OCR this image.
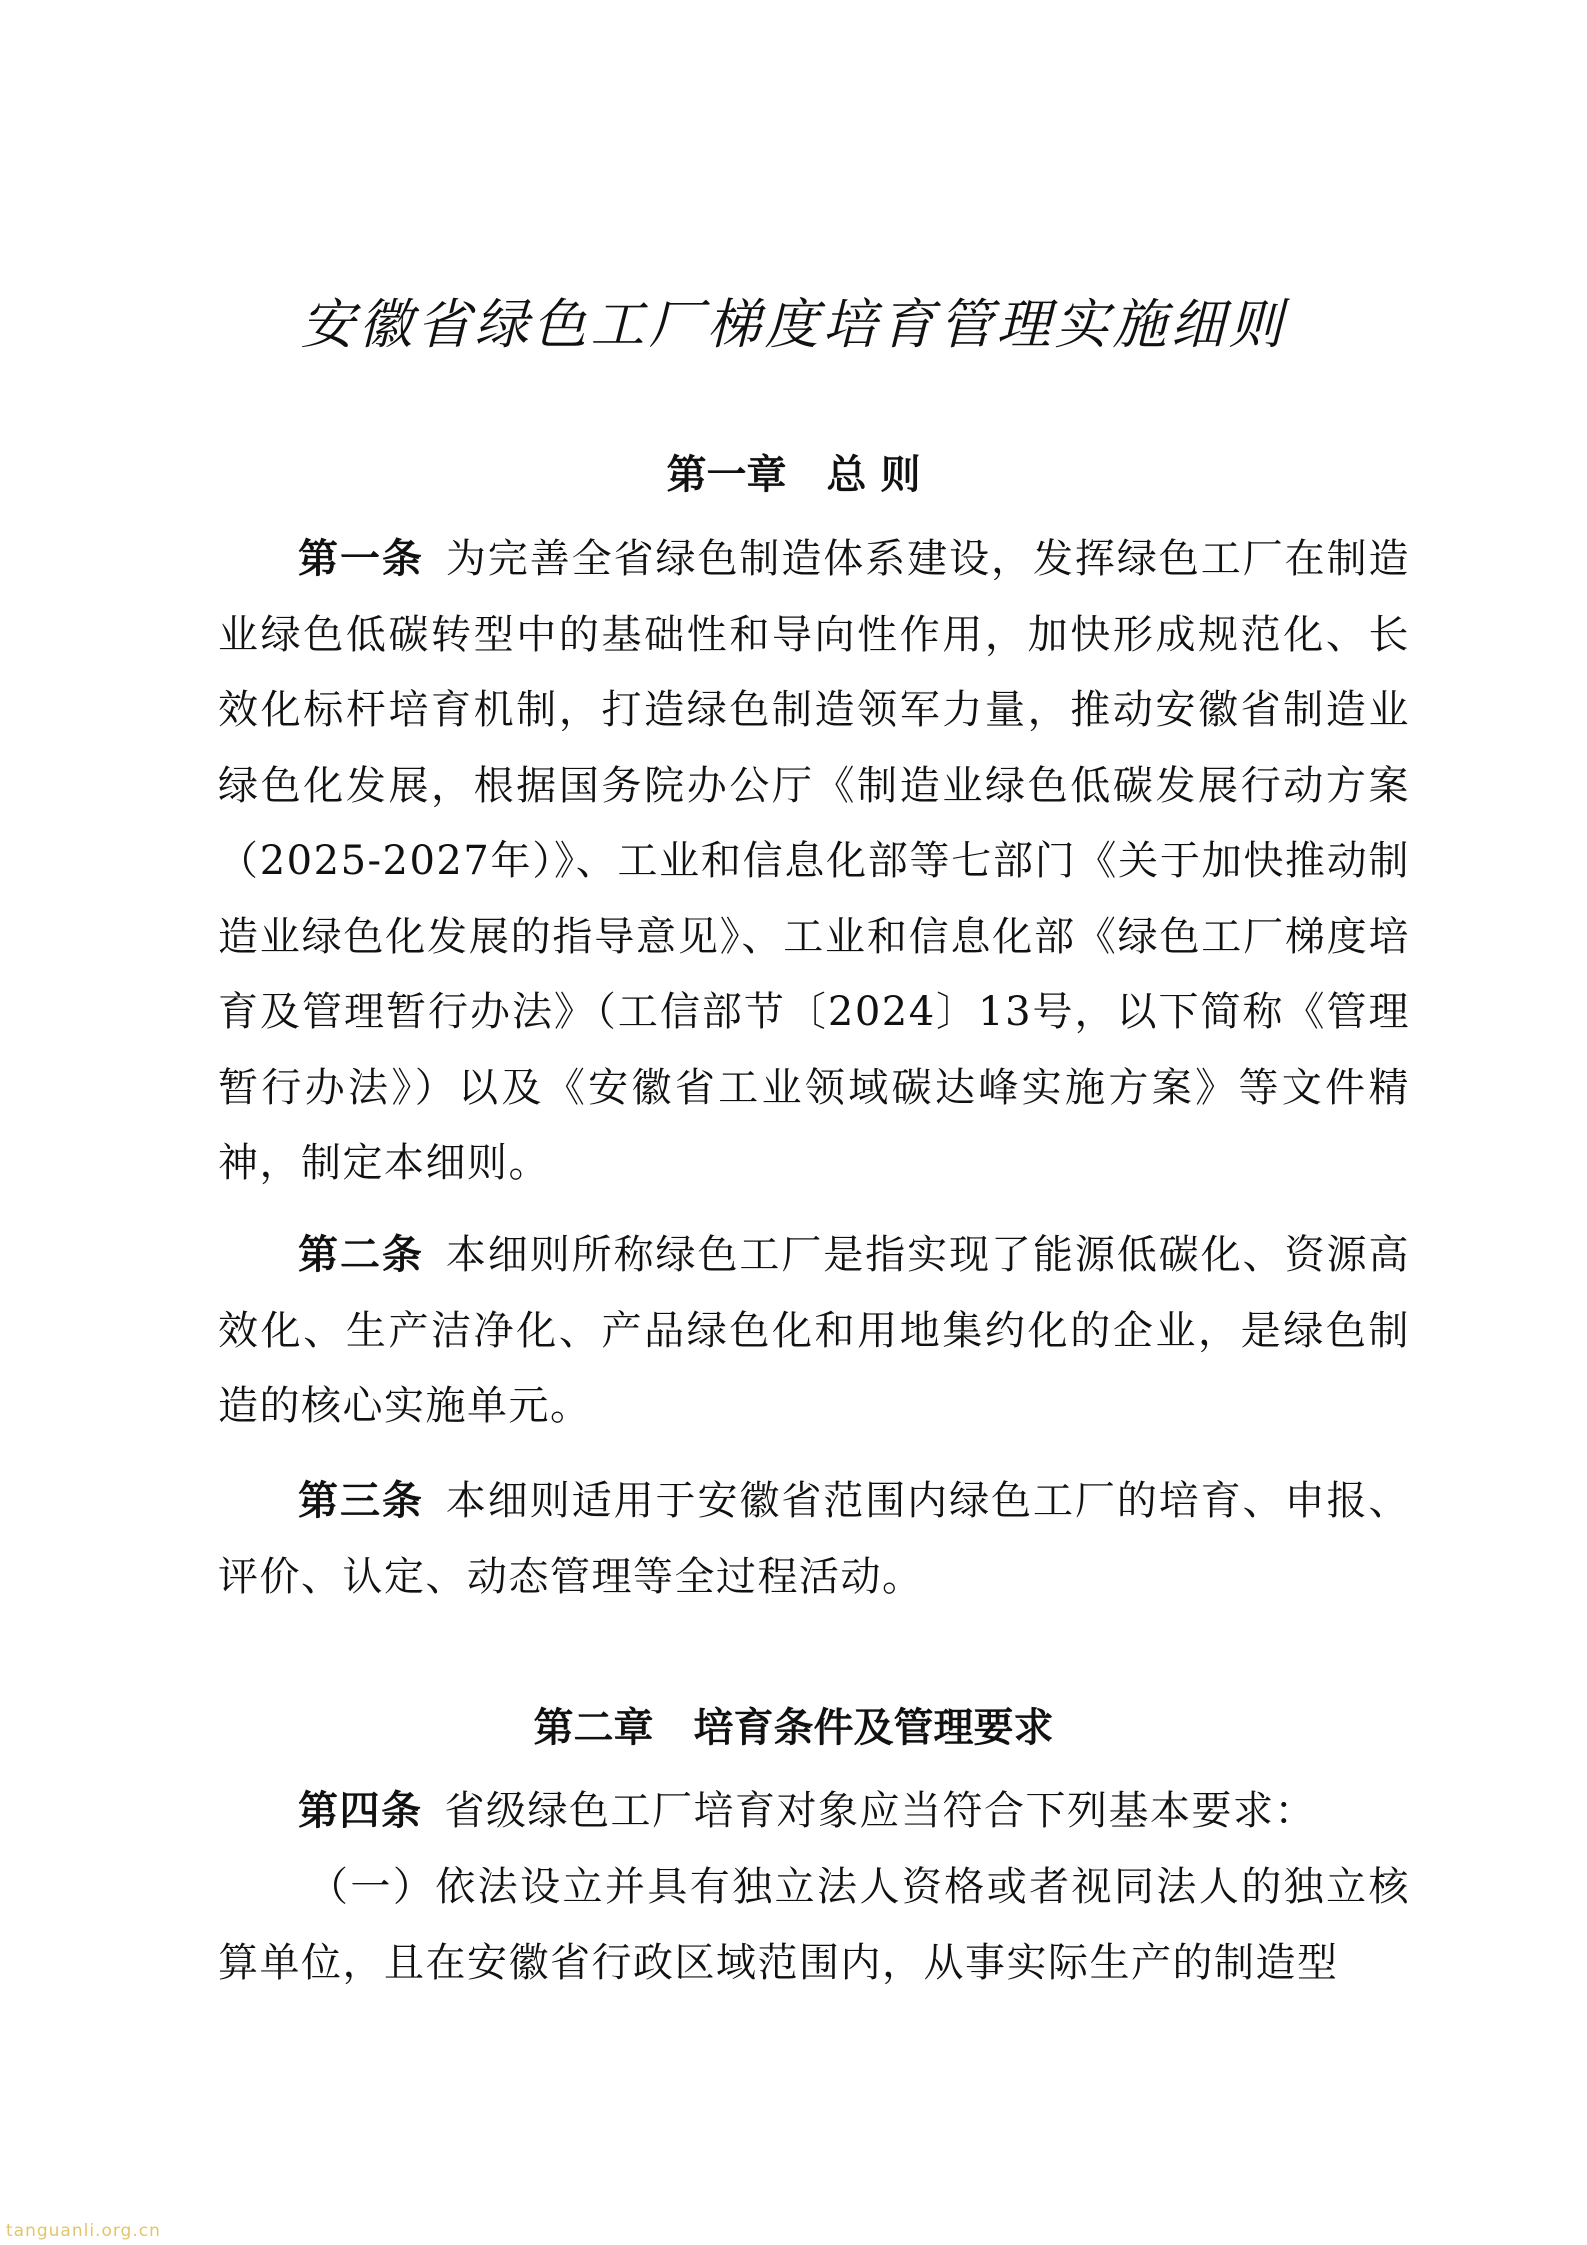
安徽省绿色工厂梯度培育管理实施细则
第一章 总 则

第一条 为完善全省绿色制造体系建设，发挥绿色工厂在制造业绿色低碳转型中的基础性和导向性作用，加快形成规范化、长效化标杆培育机制，打造绿色制造领军力量，推动安徽省制造业绿色化发展，根据国务院办公厅《制造业绿色低碳发展行动方案（2025-2027年）》、工业和信息化部等七部门《关于加快推动制造业绿色化发展的指导意见》、工业和信息化部《绿色工厂梯度培育及管理暂行办法》（工信部节〔2024〕13号，以下简称《管理暂行办法》）以及《安徽省工业领域碳达峰实施方案》等文件精神，制定本细则。

第二条 本细则所称绿色工厂是指实现了能源低碳化、资源高效化、生产洁净化、产品绿色化和用地集约化的企业，是绿色制造的核心实施单元。

第三条 本细则适用于安徽省范围内绿色工厂的培育、申报、评价、认定、动态管理等全过程活动。

第二章 培育条件及管理要求

第四条 省级绿色工厂培育对象应当符合下列基本要求：

（一）依法设立并具有独立法人资格或者视同法人的独立核算单位，且在安徽省行政区域范围内，从事实际生产的制造型

tanguanli.org.cn
